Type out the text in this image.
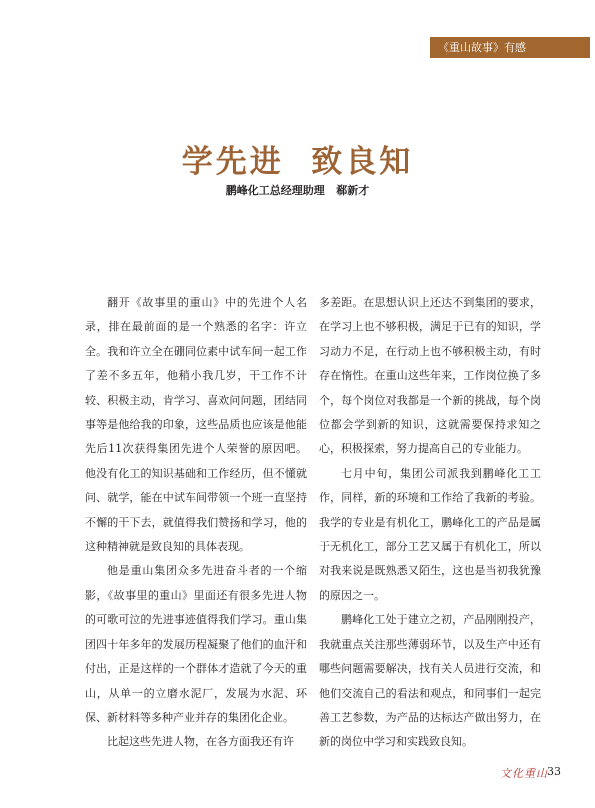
《重山故事》有感
学先进  致良知
鹏峰化工总经理助理   郗新才

翻开《故事里的重山》中的先进个人名录，排在最前面的是一个熟悉的名字：许立全。我和许立全在硼同位素中试车间一起工作了差不多五年，他稍小我几岁，干工作不计较、积极主动，肯学习、喜欢问问题，团结同事等是他给我的印象，这些品质也应该是他能先后11次获得集团先进个人荣誉的原因吧。他没有化工的知识基础和工作经历，但不懂就问、就学，能在中试车间带领一个班一直坚持不懈的干下去，就值得我们赞扬和学习，他的这种精神就是致良知的具体表现。

他是重山集团众多先进奋斗者的一个缩影，《故事里的重山》里面还有很多先进人物的可歌可泣的先进事迹值得我们学习。重山集团四十年多年的发展历程凝聚了他们的血汗和付出，正是这样的一个群体才造就了今天的重山，从单一的立磨水泥厂，发展为水泥、环保、新材料等多种产业并存的集团化企业。

比起这些先进人物，在各方面我还有许

多差距。在思想认识上还达不到集团的要求，在学习上也不够积极，满足于已有的知识，学习动力不足，在行动上也不够积极主动，有时存在惰性。在重山这些年来，工作岗位换了多个，每个岗位对我都是一个新的挑战，每个岗位都会学到新的知识，这就需要保持求知之心，积极探索，努力提高自己的专业能力。

七月中旬，集团公司派我到鹏峰化工工作，同样，新的环境和工作给了我新的考验。我学的专业是有机化工，鹏峰化工的产品是属于无机化工，部分工艺又属于有机化工，所以对我来说是既熟悉又陌生，这也是当初我犹豫的原因之一。

鹏峰化工处于建立之初，产品刚刚投产，我就重点关注那些薄弱环节，以及生产中还有哪些问题需要解决，找有关人员进行交流，和他们交流自己的看法和观点，和同事们一起完善工艺参数，为产品的达标达产做出努力，在新的岗位中学习和实践致良知。

文化重山 33
